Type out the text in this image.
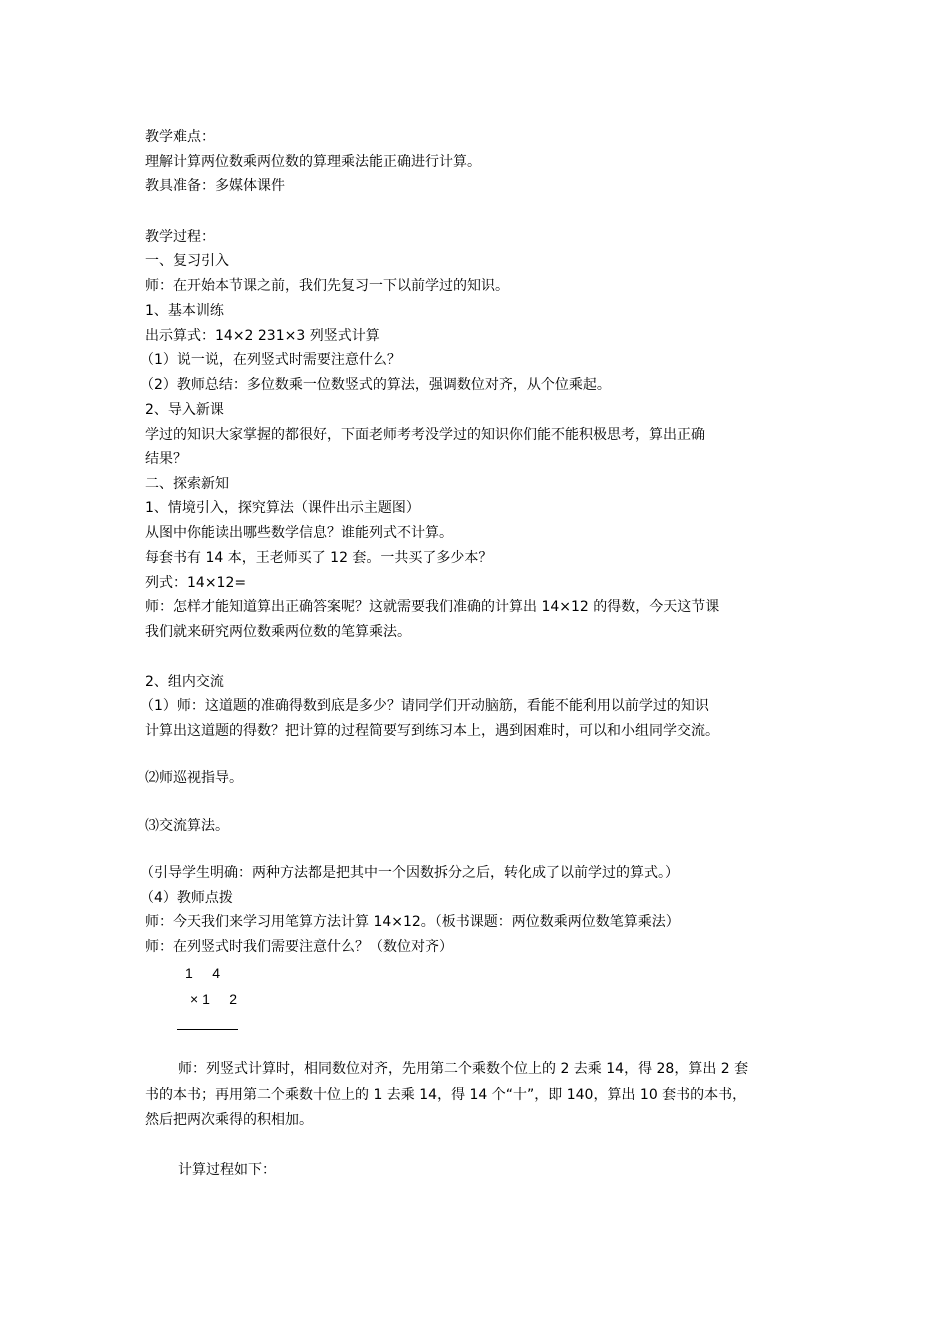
教学难点：
理解计算两位数乘两位数的算理乘法能正确进行计算。
教具准备：多媒体课件
教学过程：
一、复习引入
师：在开始本节课之前，我们先复习一下以前学过的知识。
1、基本训练
出示算式：14×2 231×3 列竖式计算
（1）说一说，在列竖式时需要注意什么？
（2）教师总结：多位数乘一位数竖式的算法，强调数位对齐，从个位乘起。
2、导入新课
学过的知识大家掌握的都很好，下面老师考考没学过的知识你们能不能积极思考，算出正确
结果？
二、探索新知
1、情境引入，探究算法（课件出示主题图）
从图中你能读出哪些数学信息？谁能列式不计算。
每套书有 14 本，王老师买了 12 套。一共买了多少本？
列式：14×12=
师：怎样才能知道算出正确答案呢？这就需要我们准确的计算出 14×12 的得数，今天这节课
我们就来研究两位数乘两位数的笔算乘法。
2、组内交流
（1）师：这道题的准确得数到底是多少？请同学们开动脑筋，看能不能利用以前学过的知识
计算出这道题的得数？把计算的过程简要写到练习本上，遇到困难时，可以和小组同学交流。
⑵师巡视指导。
⑶交流算法。
（引导学生明确：两种方法都是把其中一个因数拆分之后，转化成了以前学过的算式。）
（4）教师点拨
师：今天我们来学习用笔算方法计算 14×12。（板书课题：两位数乘两位数笔算乘法）
师：在列竖式时我们需要注意什么？（数位对齐）
1     4
× 1     2
师：列竖式计算时，相同数位对齐，先用第二个乘数个位上的 2 去乘 14，得 28，算出 2 套
书的本书；再用第二个乘数十位上的 1 去乘 14，得 14 个“十”，即 140，算出 10 套书的本书，
然后把两次乘得的积相加。
计算过程如下：
